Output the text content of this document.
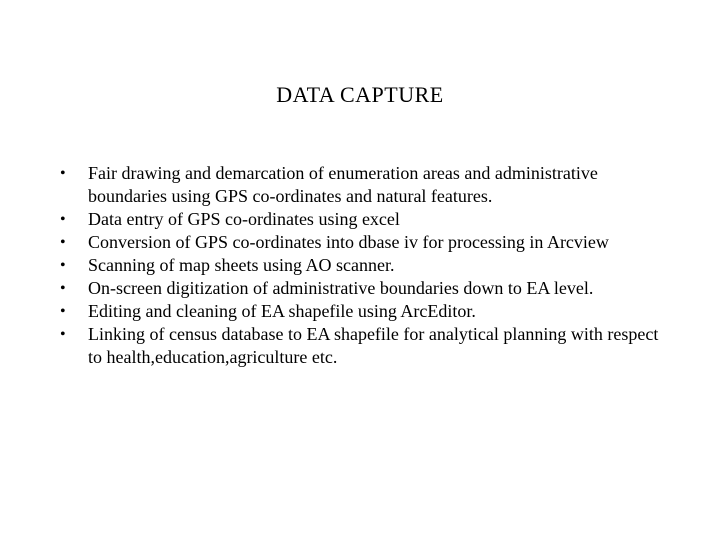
DATA CAPTURE
•	Fair drawing and demarcation of enumeration areas and administrative boundaries using GPS co-ordinates and natural features.
•	Data entry of GPS co-ordinates using excel
•	Conversion of GPS co-ordinates into dbase iv for processing in Arcview
•	Scanning of map sheets using AO scanner.
•	On-screen digitization of administrative boundaries down to EA level.
•	Editing and cleaning of EA shapefile using ArcEditor.
•	Linking of census database to EA shapefile for analytical planning with respect to health,education,agriculture etc.
